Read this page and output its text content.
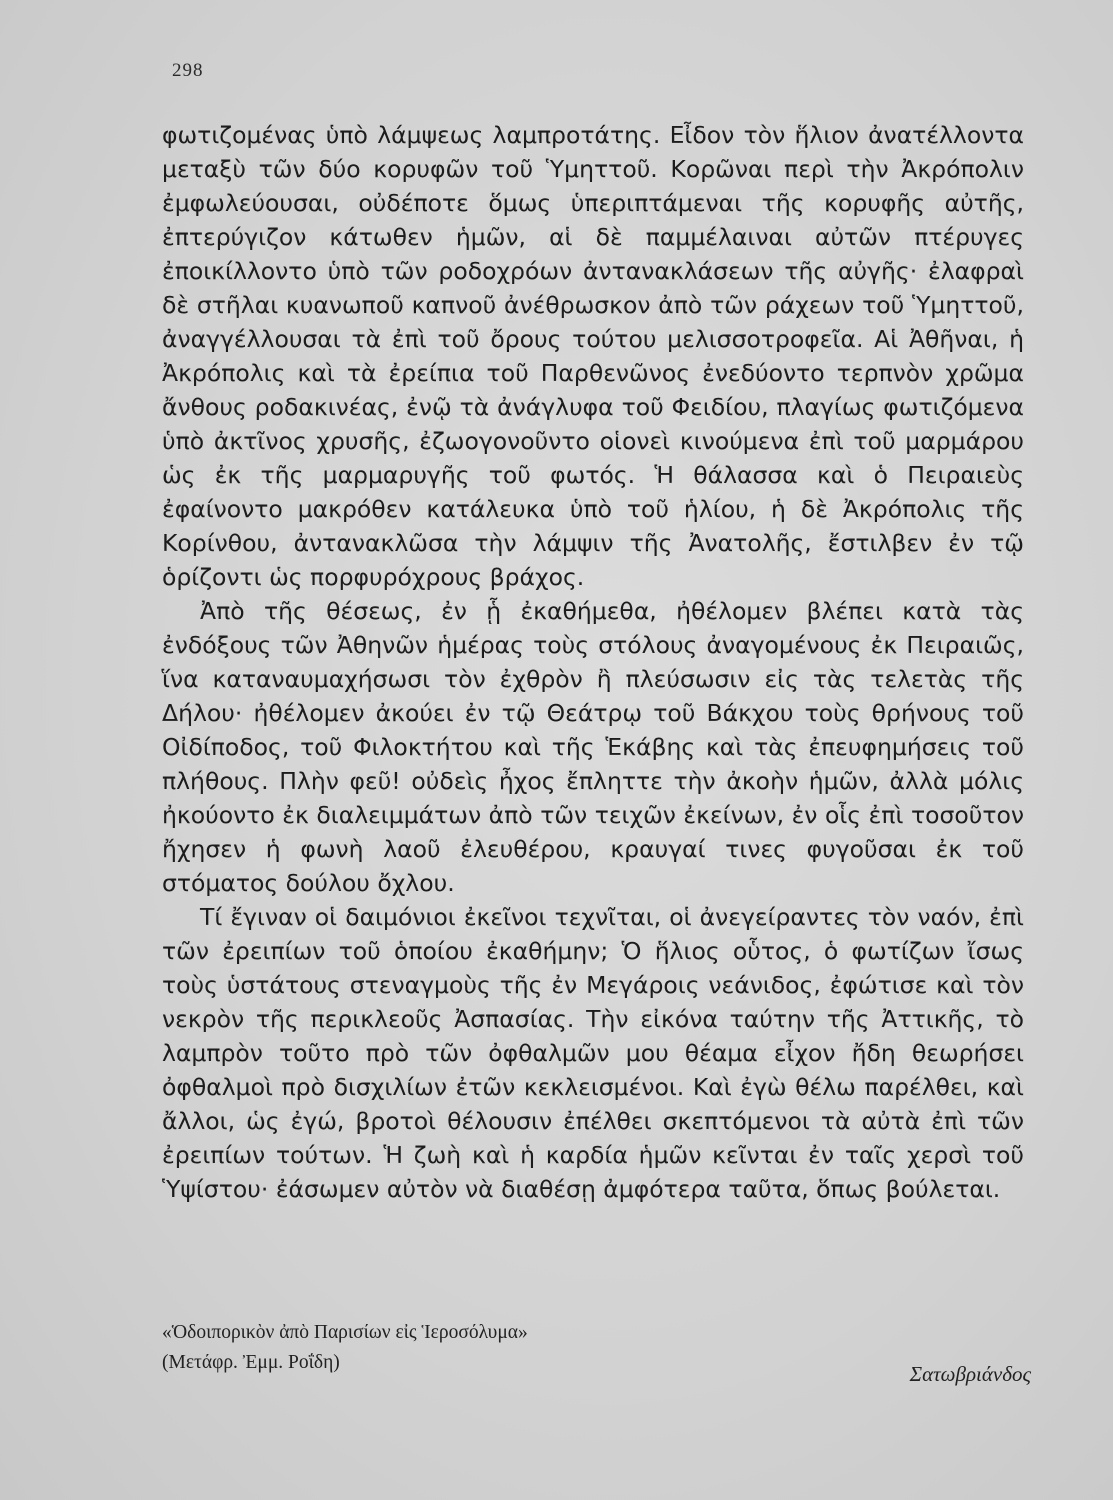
298

φωτιζομένας ὑπὸ λάμψεως λαμπροτάτης. Εἶδον τὸν ἥλιον ἀνατέλλοντα μεταξὺ τῶν δύο κορυφῶν τοῦ Ὑμηττοῦ. Κορῶναι περὶ τὴν Ἀκρόπολιν ἐμφωλεύουσαι, οὐδέποτε ὅμως ὑπεριπτάμεναι τῆς κορυφῆς αὐτῆς, ἐπτερύγιζον κάτωθεν ἡμῶν, αἱ δὲ παμμέλαιναι αὐτῶν πτέρυγες ἐποικίλλοντο ὑπὸ τῶν ροδοχρόων ἀντανακλάσεων τῆς αὐγῆς· ἐλαφραὶ δὲ στῆλαι κυανωποῦ καπνοῦ ἀνέθρωσκον ἀπὸ τῶν ράχεων τοῦ Ὑμηττοῦ, ἀναγγέλλουσαι τὰ ἐπὶ τοῦ ὄρους τούτου μελισσοτροφεῖα. Αἱ Ἀθῆναι, ἡ Ἀκρόπολις καὶ τὰ ἐρείπια τοῦ Παρθενῶνος ἐνεδύοντο τερπνὸν χρῶμα ἄνθους ροδακινέας, ἐνῷ τὰ ἀνάγλυφα τοῦ Φειδίου, πλαγίως φωτιζόμενα ὑπὸ ἀκτῖνος χρυσῆς, ἐζωογονοῦντο οἱονεὶ κινούμενα ἐπὶ τοῦ μαρμάρου ὡς ἐκ τῆς μαρμαρυγῆς τοῦ φωτός. Ἡ θάλασσα καὶ ὁ Πειραιεὺς ἐφαίνοντο μακρόθεν κατάλευκα ὑπὸ τοῦ ἡλίου, ἡ δὲ Ἀκρόπολις τῆς Κορίνθου, ἀντανακλῶσα τὴν λάμψιν τῆς Ἀνατολῆς, ἔστιλβεν ἐν τῷ ὁρίζοντι ὡς πορφυρόχρους βράχος.

Ἀπὸ τῆς θέσεως, ἐν ᾗ ἐκαθήμεθα, ἠθέλομεν βλέπει κατὰ τὰς ἐνδόξους τῶν Ἀθηνῶν ἡμέρας τοὺς στόλους ἀναγομένους ἐκ Πειραιῶς, ἵνα καταναυμαχήσωσι τὸν ἐχθρὸν ἢ πλεύσωσιν εἰς τὰς τελετὰς τῆς Δήλου· ἠθέλομεν ἀκούει ἐν τῷ Θεάτρῳ τοῦ Βάκχου τοὺς θρήνους τοῦ Οἰδίποδος, τοῦ Φιλοκτήτου καὶ τῆς Ἑκάβης καὶ τὰς ἐπευφημήσεις τοῦ πλήθους. Πλὴν φεῦ! οὐδεὶς ἦχος ἔπληττε τὴν ἀκοὴν ἡμῶν, ἀλλὰ μόλις ἠκούοντο ἐκ διαλειμμάτων ἀπὸ τῶν τειχῶν ἐκείνων, ἐν οἷς ἐπὶ τοσοῦτον ἤχησεν ἡ φωνὴ λαοῦ ἐλευθέρου, κραυγαί τινες φυγοῦσαι ἐκ τοῦ στόματος δούλου ὄχλου.

Τί ἔγιναν οἱ δαιμόνιοι ἐκεῖνοι τεχνῖται, οἱ ἀνεγείραντες τὸν ναόν, ἐπὶ τῶν ἐρειπίων τοῦ ὁποίου ἐκαθήμην; Ὁ ἥλιος οὗτος, ὁ φωτίζων ἴσως τοὺς ὑστάτους στεναγμοὺς τῆς ἐν Μεγάροις νεάνιδος, ἐφώτισε καὶ τὸν νεκρὸν τῆς περικλεοῦς Ἀσπασίας. Τὴν εἰκόνα ταύτην τῆς Ἀττικῆς, τὸ λαμπρὸν τοῦτο πρὸ τῶν ὀφθαλμῶν μου θέαμα εἶχον ἤδη θεωρήσει ὀφθαλμοὶ πρὸ δισχιλίων ἐτῶν κεκλεισμένοι. Καὶ ἐγὼ θέλω παρέλθει, καὶ ἄλλοι, ὡς ἐγώ, βροτοὶ θέλουσιν ἐπέλθει σκεπτόμενοι τὰ αὐτὰ ἐπὶ τῶν ἐρειπίων τούτων. Ἡ ζωὴ καὶ ἡ καρδία ἡμῶν κεῖνται ἐν ταῖς χερσὶ τοῦ Ὑψίστου· ἐάσωμεν αὐτὸν νὰ διαθέσῃ ἀμφότερα ταῦτα, ὅπως βούλεται.

«Ὁδοιπορικὸν ἀπὸ Παρισίων εἰς Ἱεροσόλυμα»
(Μετάφρ. Ἐμμ. Ροΐδη)	Σατωβριάνδος
